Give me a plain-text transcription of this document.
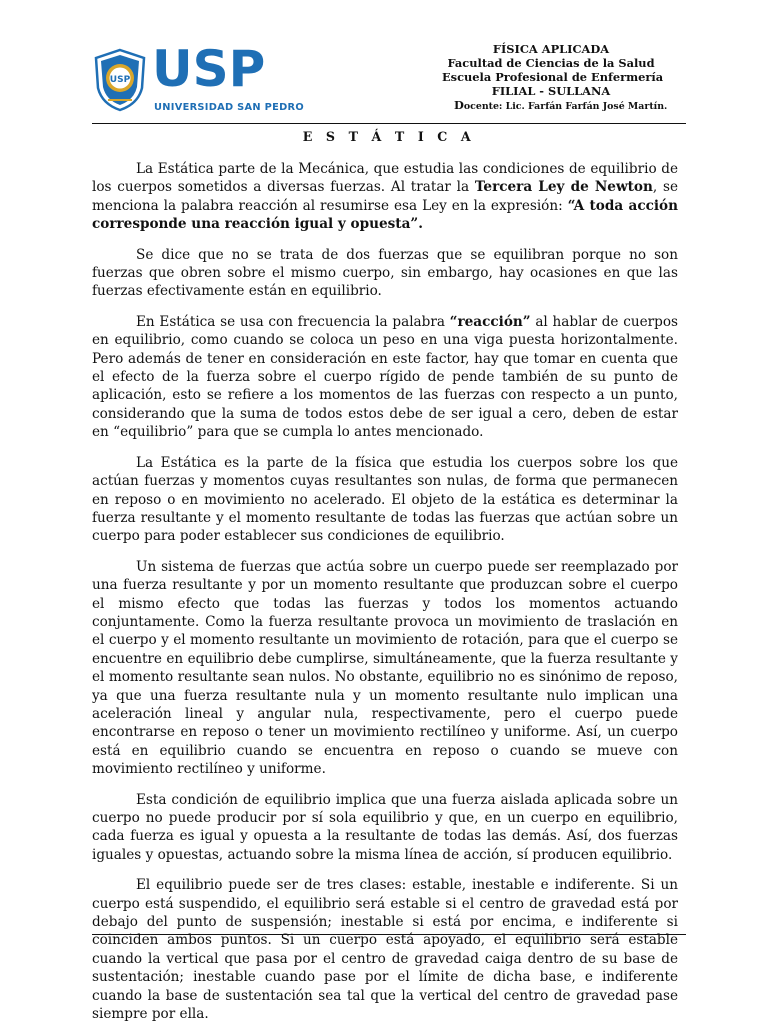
USP USP
UNIVERSIDAD SAN PEDRO
FÍSICA APLICADA
Facultad de Ciencias de la Salud
Escuela Profesional de Enfermería
FILIAL - SULLANA
Docente: Lic. Farfán Farfán José Martín.
E S T Á T I C A

La Estática parte de la Mecánica, que estudia las condiciones de equilibrio de los cuerpos sometidos a diversas fuerzas. Al tratar la Tercera Ley de Newton, se menciona la palabra reacción al resumirse esa Ley en la expresión: “A toda acción corresponde una reacción igual y opuesta”.

Se dice que no se trata de dos fuerzas que se equilibran porque no son fuerzas que obren sobre el mismo cuerpo, sin embargo, hay ocasiones en que las fuerzas efectivamente están en equilibrio.

En Estática se usa con frecuencia la palabra “reacción” al hablar de cuerpos en equilibrio, como cuando se coloca un peso en una viga puesta horizontalmente. Pero además de tener en consideración en este factor, hay que tomar en cuenta que el efecto de la fuerza sobre el cuerpo rígido de pende también de su punto de aplicación, esto se refiere a los momentos de las fuerzas con respecto a un punto, considerando que la suma de todos estos debe de ser igual a cero, deben de estar en “equilibrio” para que se cumpla lo antes mencionado.

La Estática es la parte de la física que estudia los cuerpos sobre los que actúan fuerzas y momentos cuyas resultantes son nulas, de forma que permanecen en reposo o en movimiento no acelerado. El objeto de la estática es determinar la fuerza resultante y el momento resultante de todas las fuerzas que actúan sobre un cuerpo para poder establecer sus condiciones de equilibrio.

Un sistema de fuerzas que actúa sobre un cuerpo puede ser reemplazado por una fuerza resultante y por un momento resultante que produzcan sobre el cuerpo el mismo efecto que todas las fuerzas y todos los momentos actuando conjuntamente. Como la fuerza resultante provoca un movimiento de traslación en el cuerpo y el momento resultante un movimiento de rotación, para que el cuerpo se encuentre en equilibrio debe cumplirse, simultáneamente, que la fuerza resultante y el momento resultante sean nulos. No obstante, equilibrio no es sinónimo de reposo, ya que una fuerza resultante nula y un momento resultante nulo implican una aceleración lineal y angular nula, respectivamente, pero el cuerpo puede encontrarse en reposo o tener un movimiento rectilíneo y uniforme. Así, un cuerpo está en equilibrio cuando se encuentra en reposo o cuando se mueve con movimiento rectilíneo y uniforme.

Esta condición de equilibrio implica que una fuerza aislada aplicada sobre un cuerpo no puede producir por sí sola equilibrio y que, en un cuerpo en equilibrio, cada fuerza es igual y opuesta a la resultante de todas las demás. Así, dos fuerzas iguales y opuestas, actuando sobre la misma línea de acción, sí producen equilibrio.

El equilibrio puede ser de tres clases: estable, inestable e indiferente. Si un cuerpo está suspendido, el equilibrio será estable si el centro de gravedad está por debajo del punto de suspensión; inestable si está por encima, e indiferente si coinciden ambos puntos. Si un cuerpo está apoyado, el equilibrio será estable cuando la vertical que pasa por el centro de gravedad caiga dentro de su base de sustentación; inestable cuando pase por el límite de dicha base, e indiferente cuando la base de sustentación sea tal que la vertical del centro de gravedad pase siempre por ella.
